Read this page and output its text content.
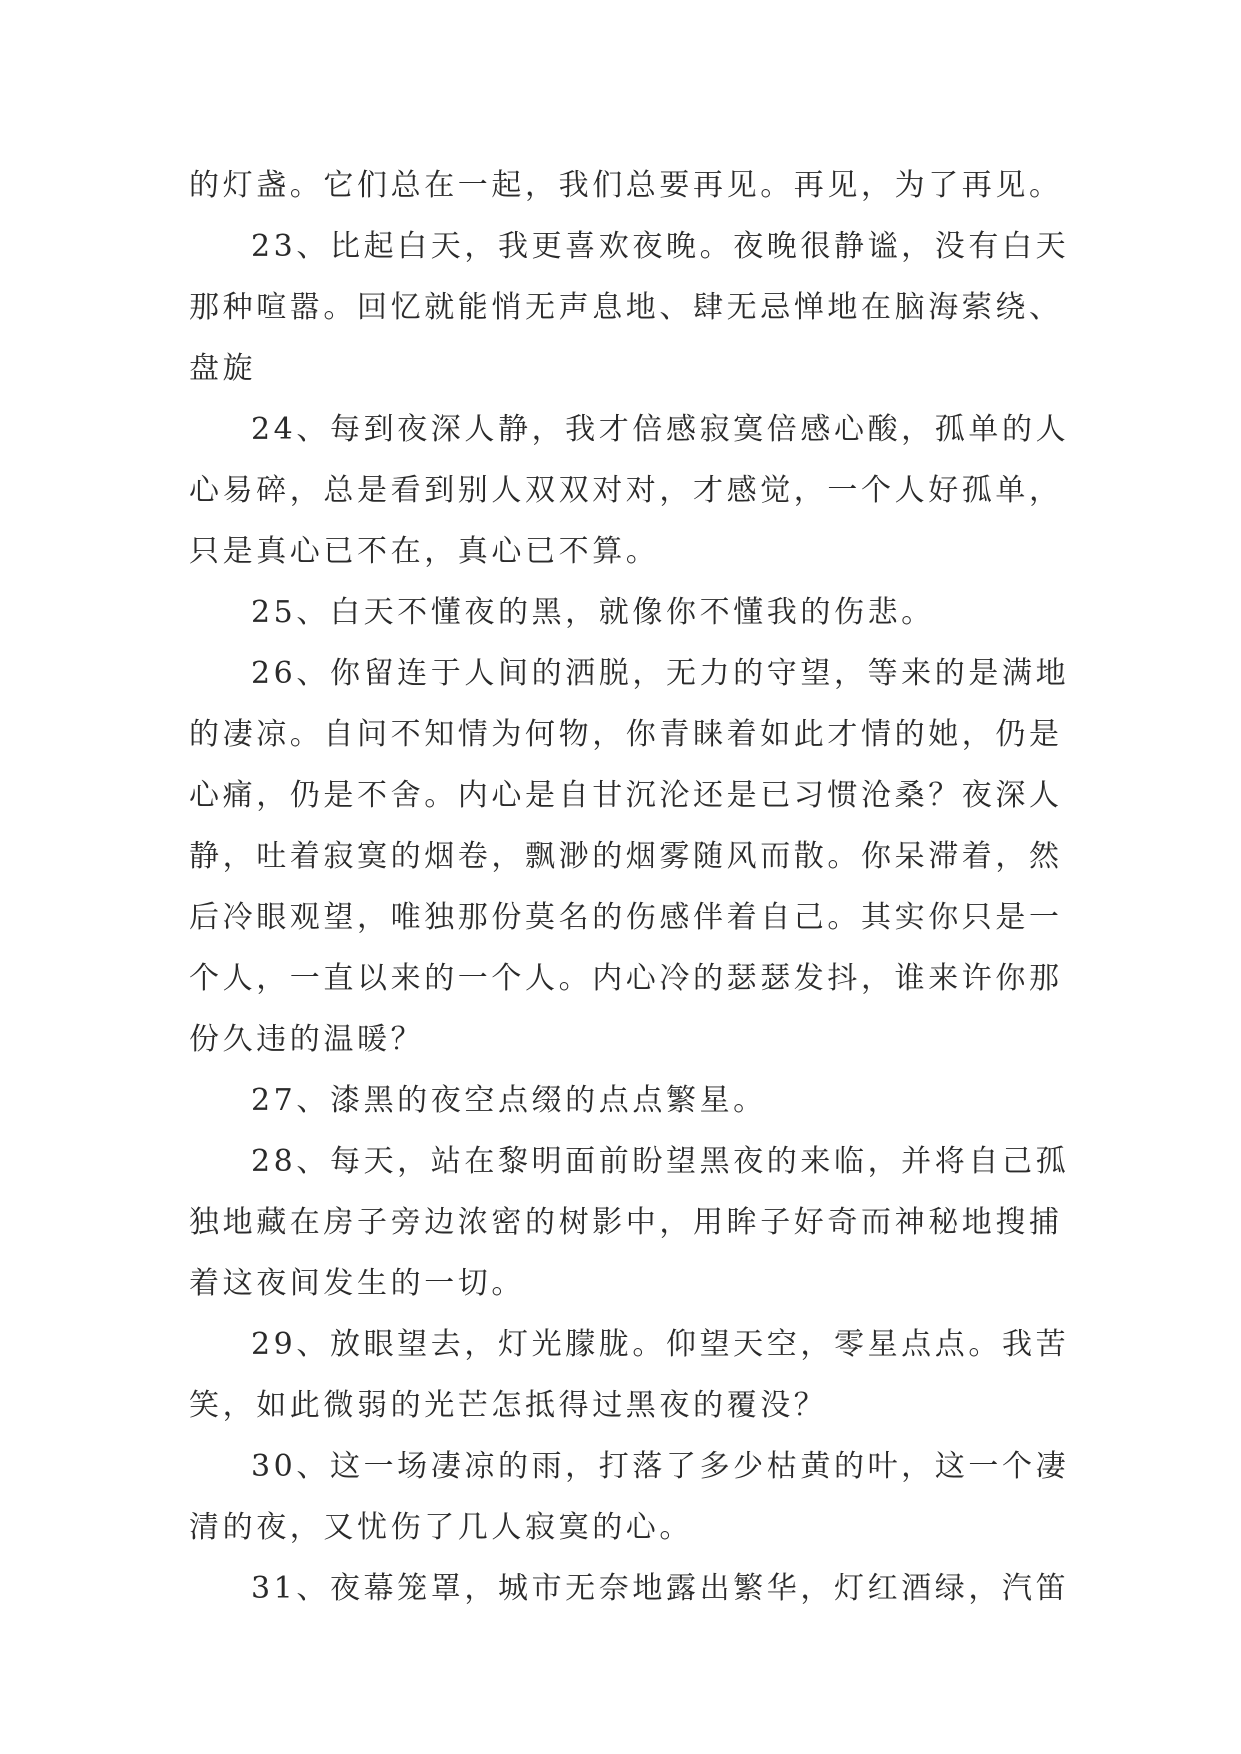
的灯盏。它们总在一起，我们总要再见。再见，为了再见。
23、比起白天，我更喜欢夜晚。夜晚很静谧，没有白天
那种喧嚣。回忆就能悄无声息地、肆无忌惮地在脑海萦绕、
盘旋
24、每到夜深人静，我才倍感寂寞倍感心酸，孤单的人
心易碎，总是看到别人双双对对，才感觉，一个人好孤单，
只是真心已不在，真心已不算。
25、白天不懂夜的黑，就像你不懂我的伤悲。
26、你留连于人间的洒脱，无力的守望，等来的是满地
的凄凉。自问不知情为何物，你青睐着如此才情的她，仍是
心痛，仍是不舍。内心是自甘沉沦还是已习惯沧桑？夜深人
静，吐着寂寞的烟卷，飘渺的烟雾随风而散。你呆滞着，然
后冷眼观望，唯独那份莫名的伤感伴着自己。其实你只是一
个人，一直以来的一个人。内心冷的瑟瑟发抖，谁来许你那
份久违的温暖？
27、漆黑的夜空点缀的点点繁星。
28、每天，站在黎明面前盼望黑夜的来临，并将自己孤
独地藏在房子旁边浓密的树影中，用眸子好奇而神秘地搜捕
着这夜间发生的一切。
29、放眼望去，灯光朦胧。仰望天空，零星点点。我苦
笑，如此微弱的光芒怎抵得过黑夜的覆没？
30、这一场凄凉的雨，打落了多少枯黄的叶，这一个凄
清的夜，又忧伤了几人寂寞的心。
31、夜幕笼罩，城市无奈地露出繁华，灯红酒绿，汽笛
